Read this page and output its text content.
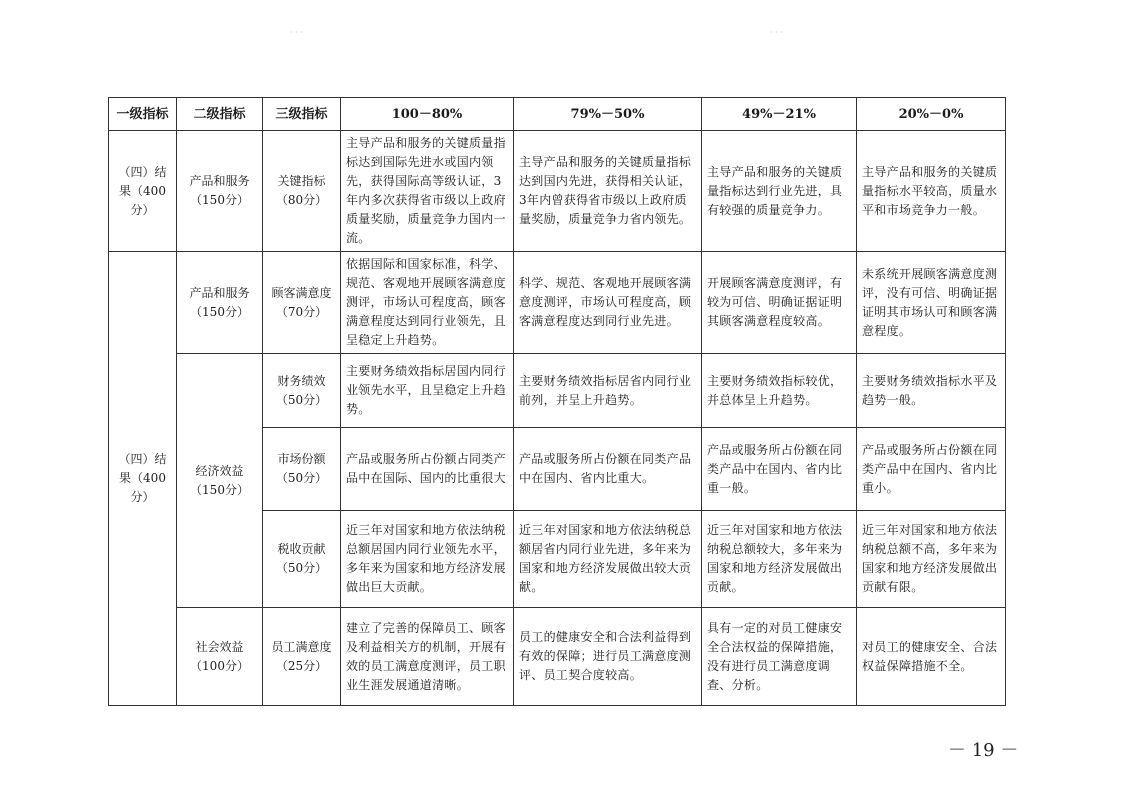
· · ·	· · ·
一级指标	二级指标	三级指标	100－80%	79%－50%	49%－21%	20%－0%
（四）结果（400分）	产品和服务（150分）	关键指标（80分）	主导产品和服务的关键质量指标达到国际先进水或国内领先，获得国际高等级认证，3年内多次获得省市级以上政府质量奖励，质量竞争力国内一流。	主导产品和服务的关键质量指标达到国内先进，获得相关认证，3年内曾获得省市级以上政府质量奖励，质量竞争力省内领先。	主导产品和服务的关键质量指标达到行业先进，具有较强的质量竞争力。	主导产品和服务的关键质量指标水平较高，质量水平和市场竞争力一般。
（四）结果（400分）	产品和服务（150分）	顾客满意度（70分）	依据国际和国家标准，科学、规范、客观地开展顾客满意度测评，市场认可程度高，顾客满意程度达到同行业领先，且呈稳定上升趋势。	科学、规范、客观地开展顾客满意度测评，市场认可程度高，顾客满意程度达到同行业先进。	开展顾客满意度测评，有较为可信、明确证据证明其顾客满意程度较高。	未系统开展顾客满意度测评，没有可信、明确证据证明其市场认可和顾客满意程度。
	经济效益（150分）	财务绩效（50分）	主要财务绩效指标居国内同行业领先水平，且呈稳定上升趋势。	主要财务绩效指标居省内同行业前列，并呈上升趋势。	主要财务绩效指标较优，并总体呈上升趋势。	主要财务绩效指标水平及趋势一般。
		市场份额（50分）	产品或服务所占份额占同类产品中在国际、国内的比重很大	产品或服务所占份额在同类产品中在国内、省内比重大。	产品或服务所占份额在同类产品中在国内、省内比重一般。	产品或服务所占份额在同类产品中在国内、省内比重小。
		税收贡献（50分）	近三年对国家和地方依法纳税总额居国内同行业领先水平，多年来为国家和地方经济发展做出巨大贡献。	近三年对国家和地方依法纳税总额居省内同行业先进，多年来为国家和地方经济发展做出较大贡献。	近三年对国家和地方依法纳税总额较大，多年来为国家和地方经济发展做出贡献。	近三年对国家和地方依法纳税总额不高，多年来为国家和地方经济发展做出贡献有限。
	社会效益（100分）	员工满意度（25分）	建立了完善的保障员工、顾客及利益相关方的机制，开展有效的员工满意度测评，员工职业生涯发展通道清晰。	员工的健康安全和合法利益得到有效的保障；进行员工满意度测评、员工契合度较高。	具有一定的对员工健康安全合法权益的保障措施，没有进行员工满意度调查、分析。	对员工的健康安全、合法权益保障措施不全。
－ 19 －
